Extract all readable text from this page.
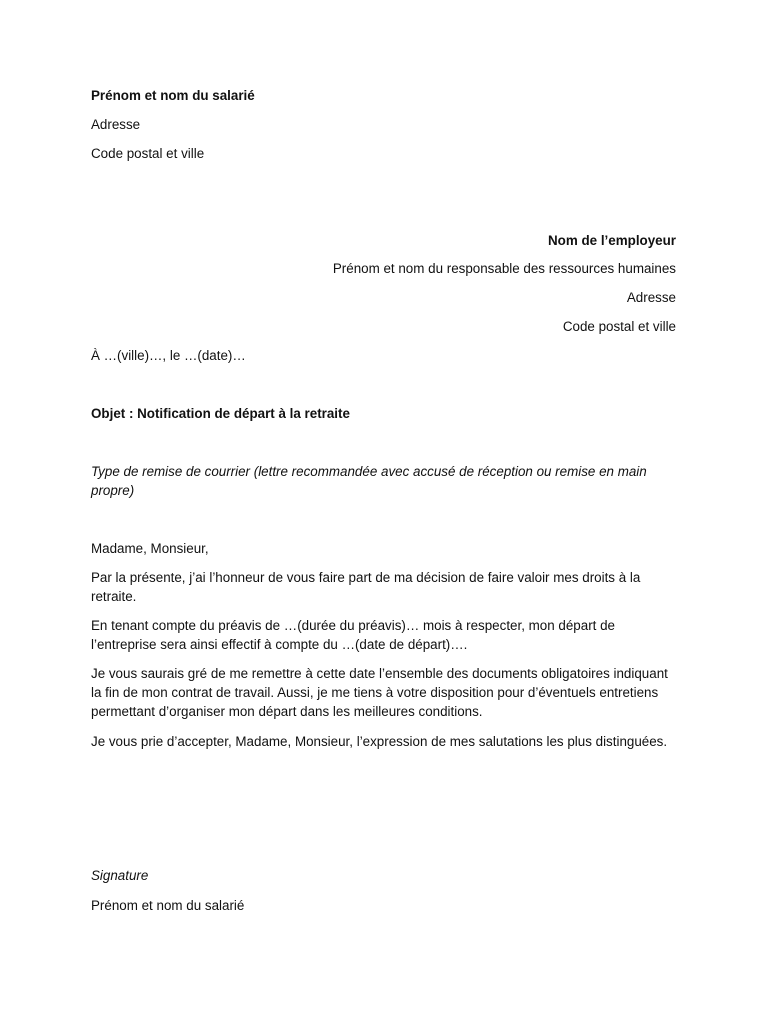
Prénom et nom du salarié
Adresse
Code postal et ville
Nom de l’employeur
Prénom et nom du responsable des ressources humaines
Adresse
Code postal et ville
À …(ville)…, le …(date)…
Objet : Notification de départ à la retraite
Type de remise de courrier (lettre recommandée avec accusé de réception ou remise en main propre)
Madame, Monsieur,
Par la présente, j’ai l’honneur de vous faire part de ma décision de faire valoir mes droits à la retraite.
En tenant compte du préavis de …(durée du préavis)… mois à respecter, mon départ de l’entreprise sera ainsi effectif à compte du …(date de départ)….
Je vous saurais gré de me remettre à cette date l’ensemble des documents obligatoires indiquant la fin de mon contrat de travail. Aussi, je me tiens à votre disposition pour d’éventuels entretiens permettant d’organiser mon départ dans les meilleures conditions.
Je vous prie d’accepter, Madame, Monsieur, l’expression de mes salutations les plus distinguées.
Signature
Prénom et nom du salarié
